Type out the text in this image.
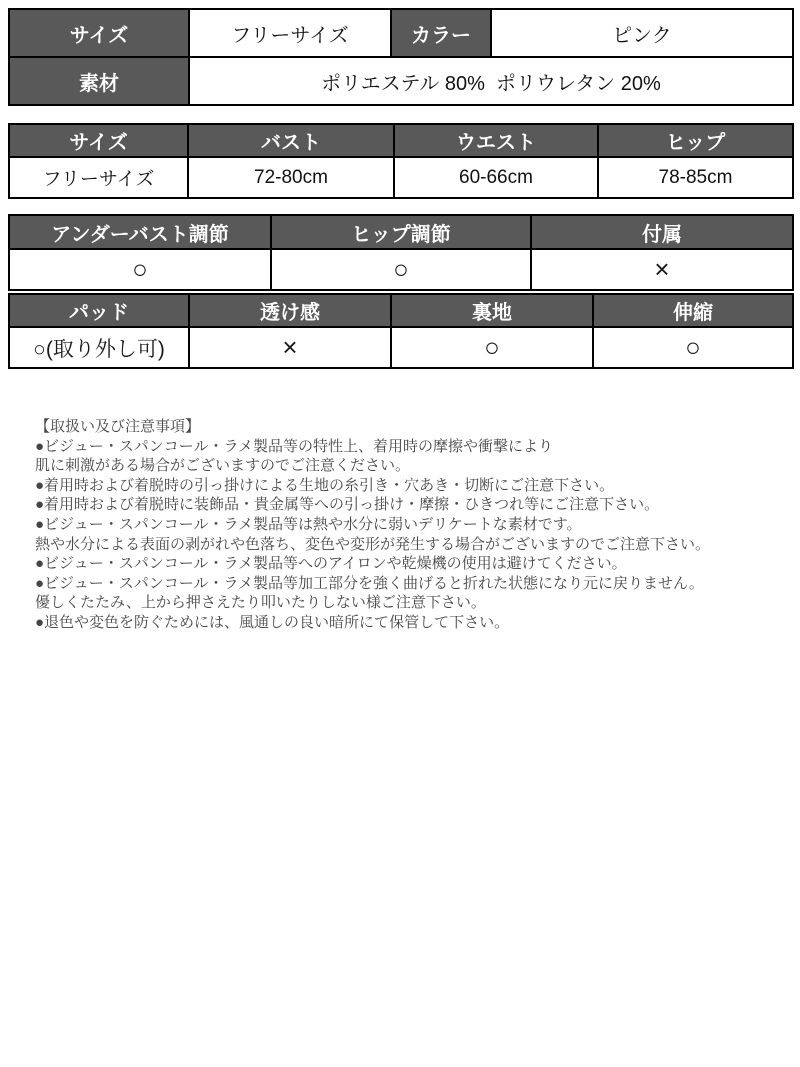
サイズ	フリーサイズ	カラー	ピンク
素材	ポリエステル 80%  ポリウレタン 20%		
サイズ	バスト	ウエスト	ヒップ
フリーサイズ	72-80cm	60-66cm	78-85cm
アンダーバスト調節	ヒップ調節	付属
○	○	×
パッド	透け感	裏地	伸縮
○(取り外し可)	×	○	○
【取扱い及び注意事項】
●ビジュー・スパンコール・ラメ製品等の特性上、着用時の摩擦や衝撃により
肌に刺激がある場合がございますのでご注意ください。
●着用時および着脱時の引っ掛けによる生地の糸引き・穴あき・切断にご注意下さい。
●着用時および着脱時に装飾品・貴金属等への引っ掛け・摩擦・ひきつれ等にご注意下さい。
●ビジュー・スパンコール・ラメ製品等は熱や水分に弱いデリケートな素材です。
熱や水分による表面の剥がれや色落ち、変色や変形が発生する場合がございますのでご注意下さい。
●ビジュー・スパンコール・ラメ製品等へのアイロンや乾燥機の使用は避けてください。
●ビジュー・スパンコール・ラメ製品等加工部分を強く曲げると折れた状態になり元に戻りません。
優しくたたみ、上から押さえたり叩いたりしない様ご注意下さい。
●退色や変色を防ぐためには、風通しの良い暗所にて保管して下さい。
